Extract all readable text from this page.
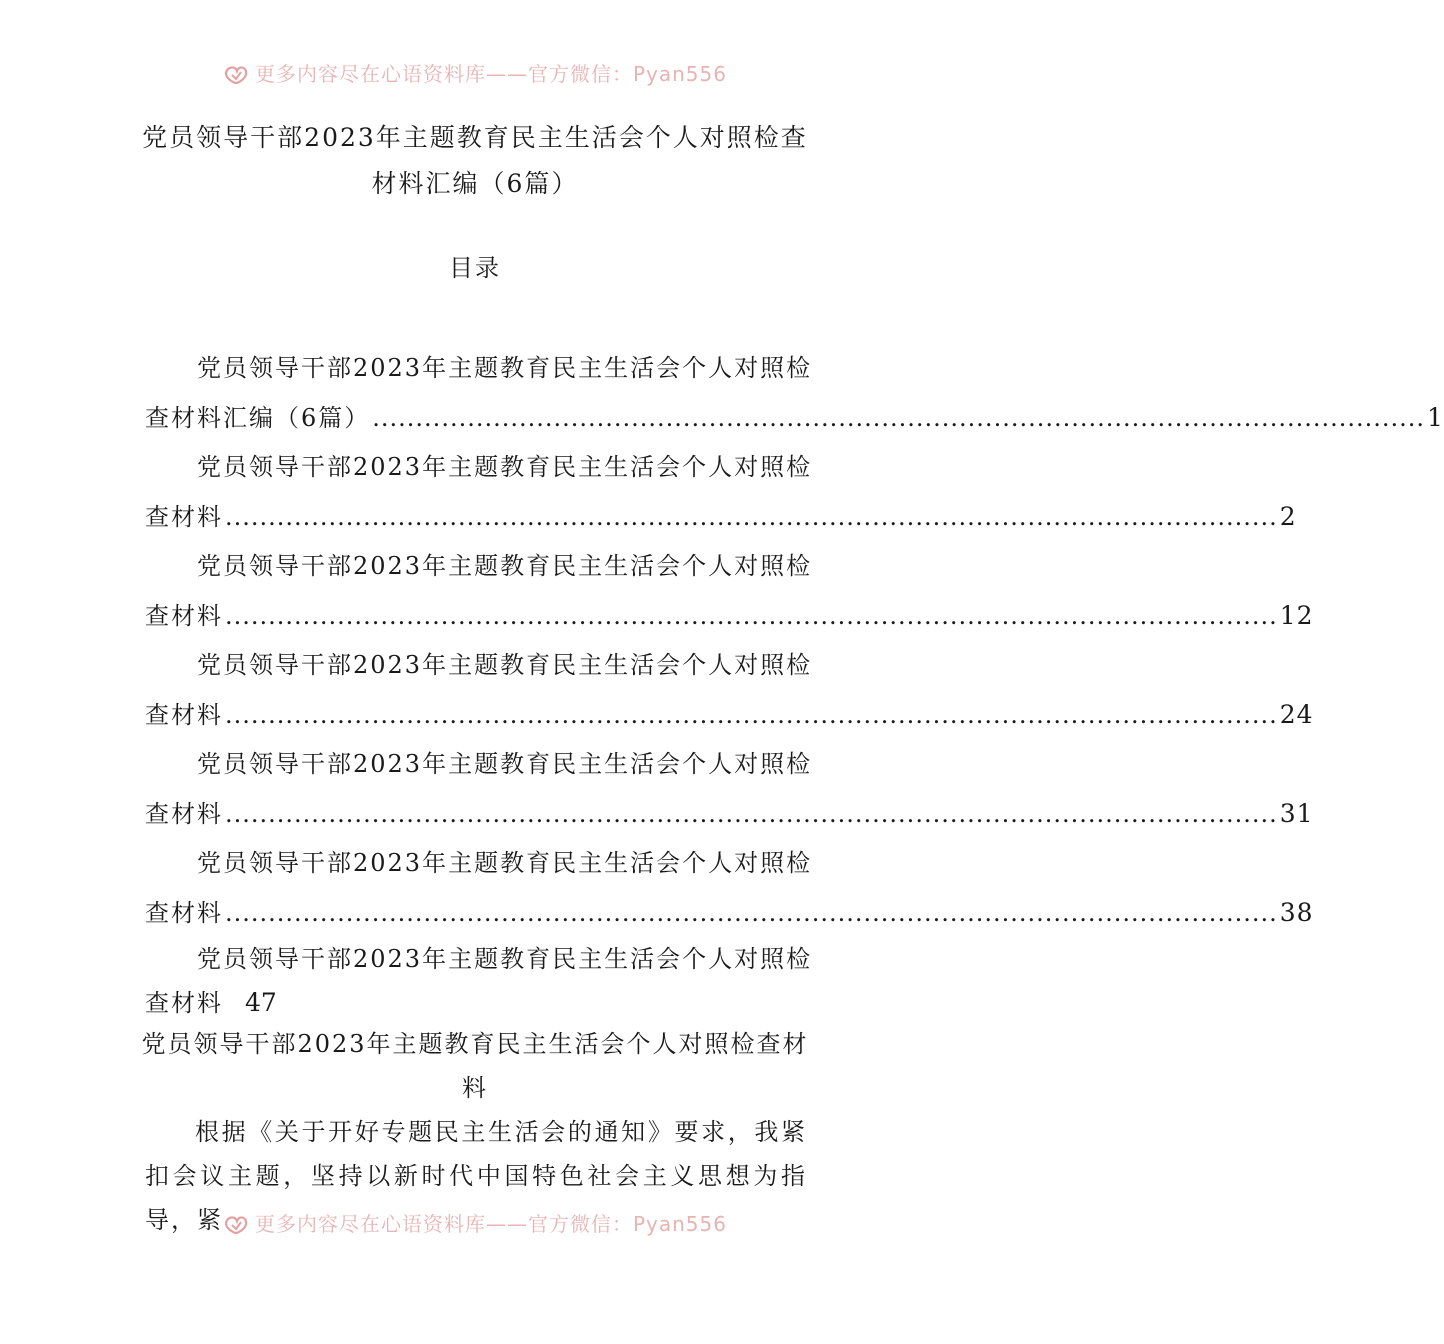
更多内容尽在心语资料库——官方微信：Pyan556
党员领导干部2023年主题教育民主生活会个人对照检查材料汇编（6篇）
目录
党员领导干部2023年主题教育民主生活会个人对照检
查材料汇编（6篇） .......................................................................................................................... 1
党员领导干部2023年主题教育民主生活会个人对照检
查材料 .......................................................................................................................... 2
党员领导干部2023年主题教育民主生活会个人对照检
查材料 .......................................................................................................................... 12
党员领导干部2023年主题教育民主生活会个人对照检
查材料 .......................................................................................................................... 24
党员领导干部2023年主题教育民主生活会个人对照检
查材料 .......................................................................................................................... 31
党员领导干部2023年主题教育民主生活会个人对照检
查材料 .......................................................................................................................... 38
党员领导干部2023年主题教育民主生活会个人对照检
查材料 47
党员领导干部2023年主题教育民主生活会个人对照检查材料
根据《关于开好专题民主生活会的通知》要求，我紧扣会议主题，坚持以新时代中国特色社会主义思想为指导，紧	更多内容尽在心语资料库——官方微信：Pyan556
